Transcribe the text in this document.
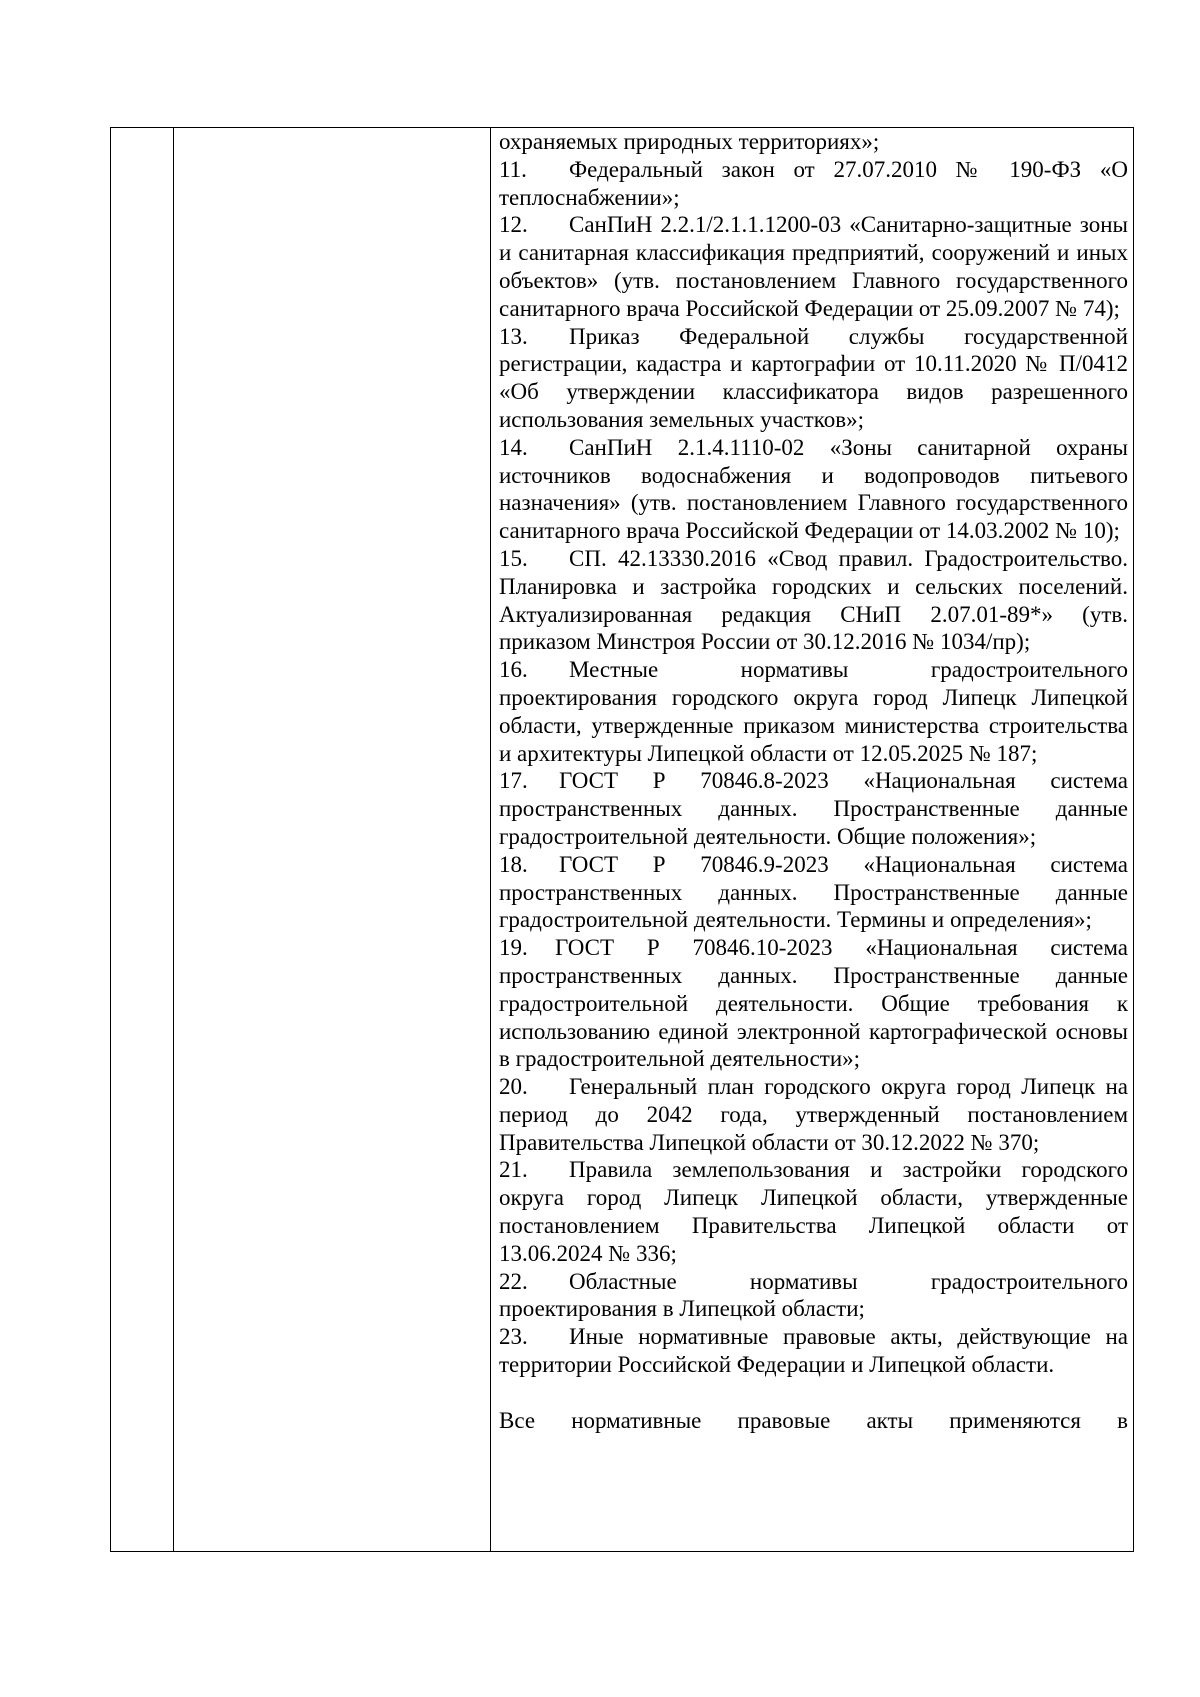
охраняемых природных территориях»;

11. Федеральный закон от 27.07.2010 № 190-ФЗ «О теплоснабжении»;

12. СанПиН 2.2.1/2.1.1.1200-03 «Санитарно-защитные зоны и санитарная классификация предприятий, сооружений и иных объектов» (утв. постановлением Главного государственного санитарного врача Российской Федерации от 25.09.2007 № 74);

13. Приказ Федеральной службы государственной регистрации, кадастра и картографии от 10.11.2020 № П/0412 «Об утверждении классификатора видов разрешенного использования земельных участков»;

14. СанПиН 2.1.4.1110-02 «Зоны санитарной охраны источников водоснабжения и водопроводов питьевого назначения» (утв. постановлением Главного государственного санитарного врача Российской Федерации от 14.03.2002 № 10);

15. СП. 42.13330.2016 «Свод правил. Градостроительство. Планировка и застройка городских и сельских поселений. Актуализированная редакция СНиП 2.07.01-89*» (утв. приказом Минстроя России от 30.12.2016 № 1034/пр);

16. Местные нормативы градостроительного проектирования городского округа город Липецк Липецкой области, утвержденные приказом министерства строительства и архитектуры Липецкой области от 12.05.2025 № 187;

17. ГОСТ Р 70846.8-2023 «Национальная система пространственных данных. Пространственные данные градостроительной деятельности. Общие положения»;

18. ГОСТ Р 70846.9-2023 «Национальная система пространственных данных. Пространственные данные градостроительной деятельности. Термины и определения»;

19. ГОСТ Р 70846.10-2023 «Национальная система пространственных данных. Пространственные данные градостроительной деятельности. Общие требования к использованию единой электронной картографической основы в градостроительной деятельности»;

20. Генеральный план городского округа город Липецк на период до 2042 года, утвержденный постановлением Правительства Липецкой области от 30.12.2022 № 370;

21. Правила землепользования и застройки городского округа город Липецк Липецкой области, утвержденные постановлением Правительства Липецкой области от 13.06.2024 № 336;

22. Областные нормативы градостроительного проектирования в Липецкой области;

23. Иные нормативные правовые акты, действующие на территории Российской Федерации и Липецкой области.

Все нормативные правовые акты применяются в
